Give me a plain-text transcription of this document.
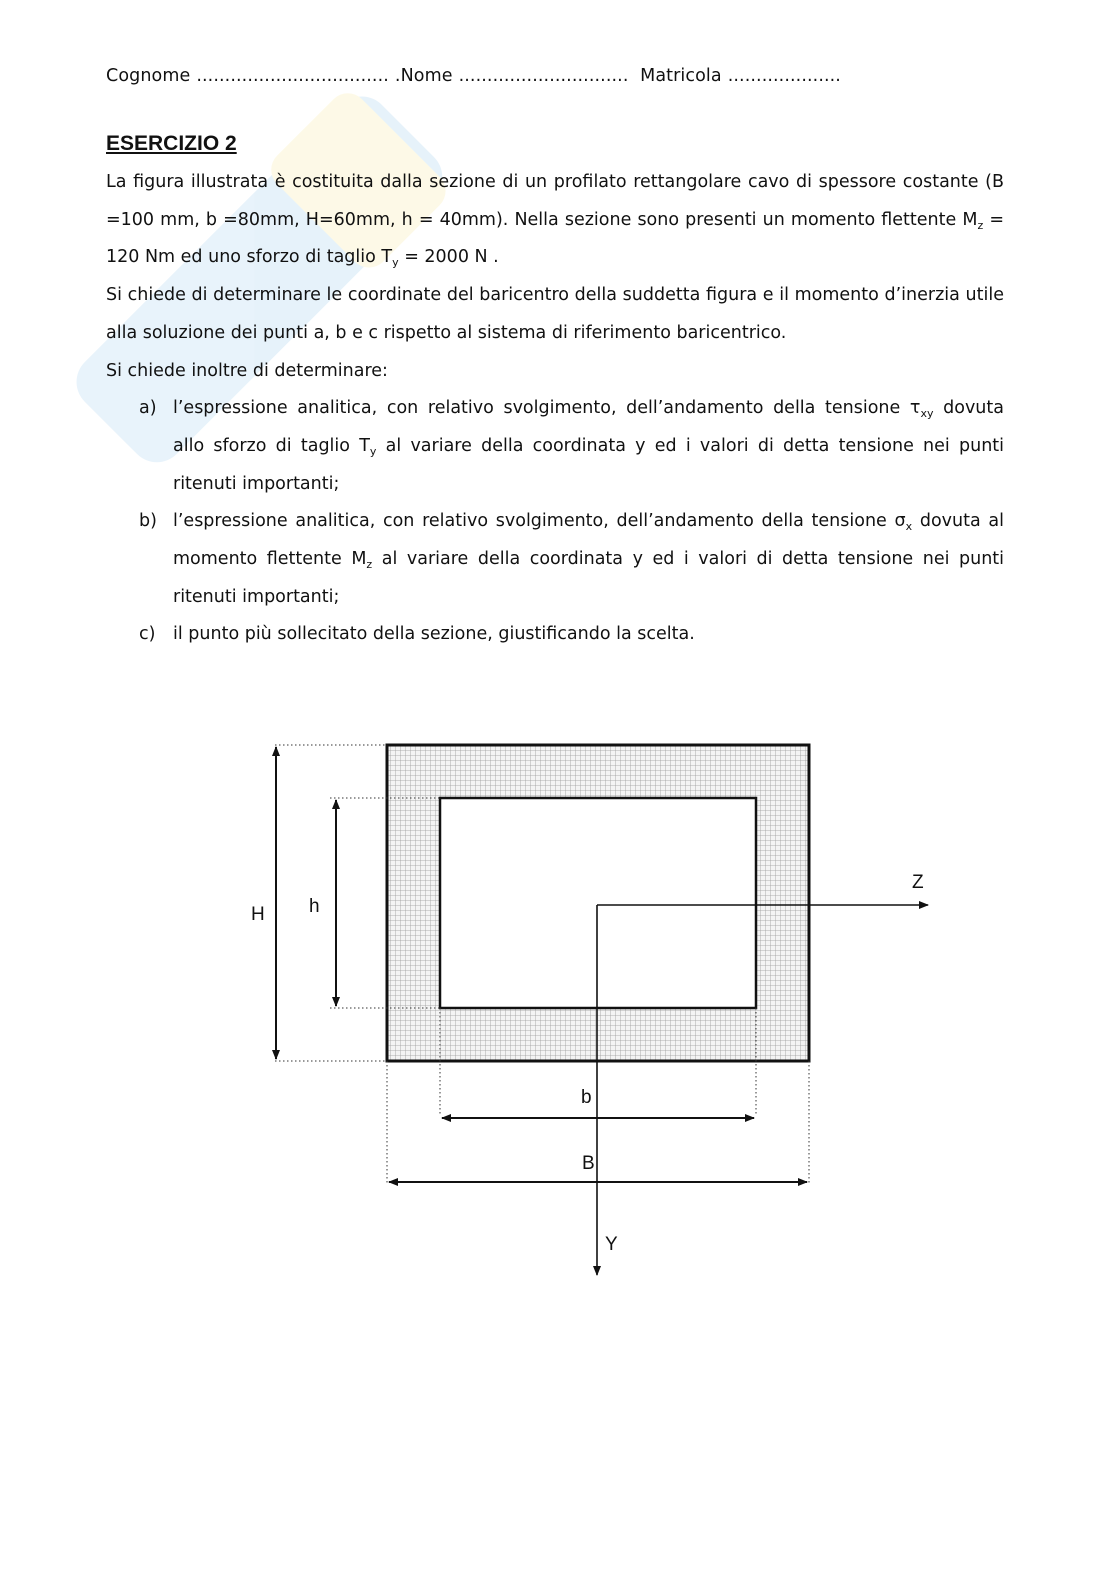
Cognome .................................. .Nome .............................. Matricola ....................
ESERCIZIO 2

La figura illustrata è costituita dalla sezione di un profilato rettangolare cavo di spessore costante (B =100 mm, b =80mm, H=60mm, h = 40mm). Nella sezione sono presenti un momento flettente $M_z = 120$ Nm ed uno sforzo di taglio $T_y = 2000$ N .

Si chiede di determinare le coordinate del baricentro della suddetta figura e il momento d’inerzia utile alla soluzione dei punti a, b e c rispetto al sistema di riferimento baricentrico.

Si chiede inoltre di determinare:

a) l’espressione analitica, con relativo svolgimento, dell’andamento della tensione $\tau_{xy}$ dovuta allo sforzo di taglio $T_y$ al variare della coordinata y ed i valori di detta tensione nei punti ritenuti importanti;
b) l’espressione analitica, con relativo svolgimento, dell’andamento della tensione $\sigma_x$ dovuta al momento flettente $M_z$ al variare della coordinata y ed i valori di detta tensione nei punti ritenuti importanti;
c) il punto più sollecitato della sezione, giustificando la scelta.
H h
b
B
Z
Y
